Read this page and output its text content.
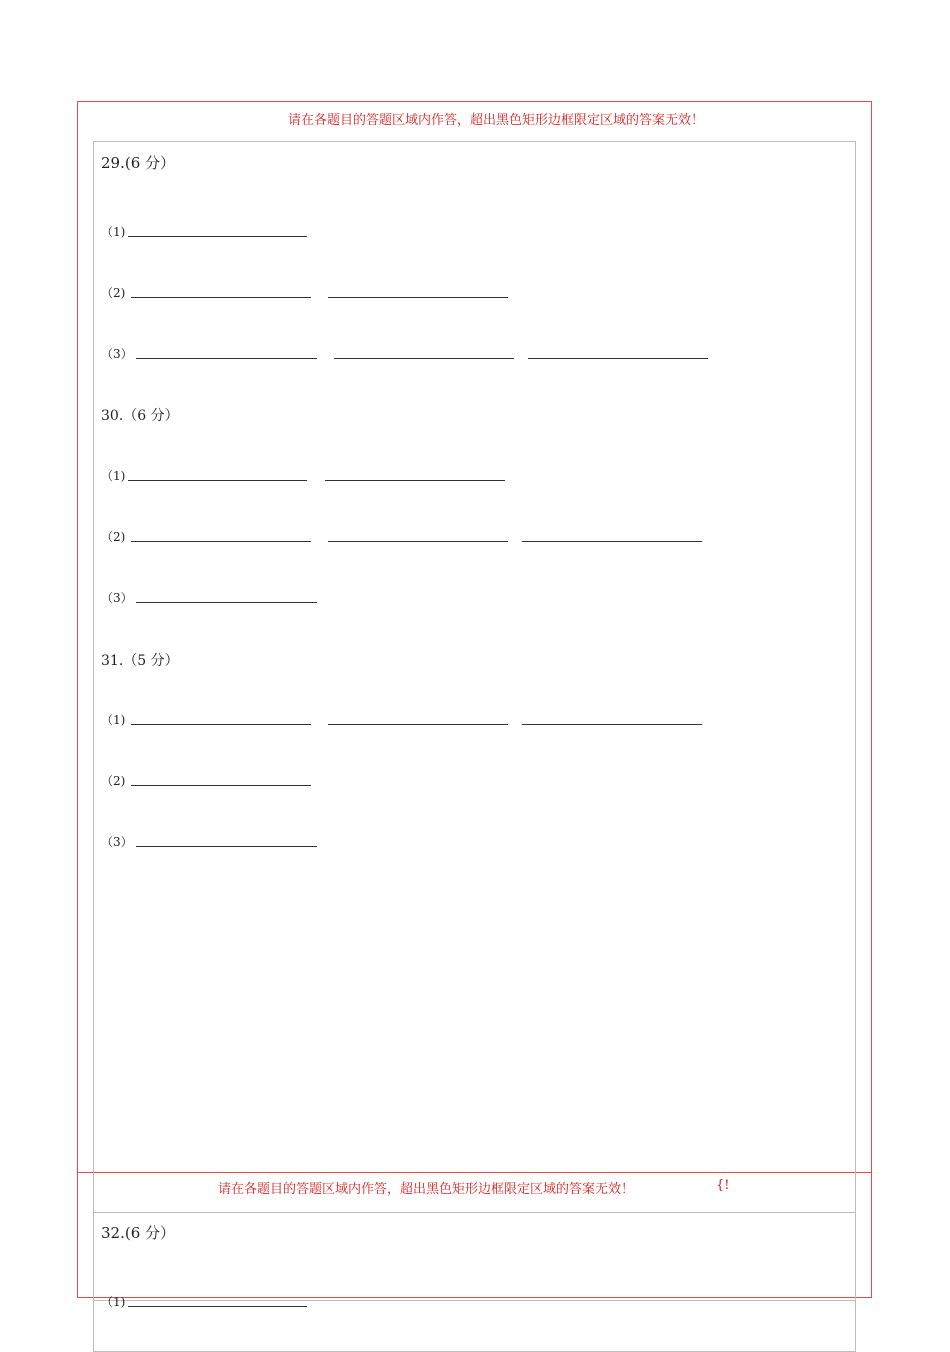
请在各题目的答题区域内作答，超出黑色矩形边框限定区域的答案无效！
请在各题目的答题区域内作答，超出黑色矩形边框限定区域的答案无效！	{!
29.(6 分）
（1)
（2)
（3）
30.（6 分）
（1)
（2)
（3）
31.（5 分）
（1)
（2)
（3）
32.(6 分）
（1)
